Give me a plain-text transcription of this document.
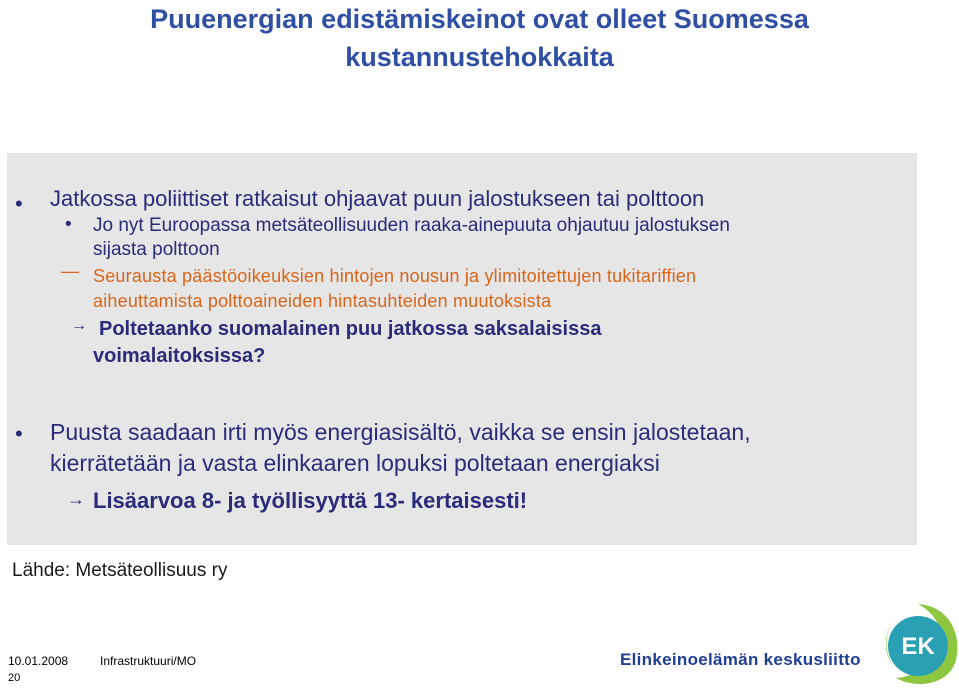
Puuenergian edistämiskeinot ovat olleet Suomessa
kustannustehokkaita
• Jatkossa poliittiset ratkaisut ohjaavat puun jalostukseen tai polttoon
• Jo nyt Euroopassa metsäteollisuuden raaka-ainepuuta ohjautuu jalostuksen
sijasta polttoon
— Seurausta päästöoikeuksien hintojen nousun ja ylimitoitettujen tukitariffien
aiheuttamista polttoaineiden hintasuhteiden muutoksista
→ Poltetaanko suomalainen puu jatkossa saksalaisissa
voimalaitoksissa?
• Puusta saadaan irti myös energiasisältö, vaikka se ensin jalostetaan,
kierrätetään ja vasta elinkaaren lopuksi poltetaan energiaksi
→ Lisäarvoa 8- ja työllisyyttä 13- kertaisesti!
Lähde: Metsäteollisuus ry
10.01.2008	Infrastruktuuri/MO
20
Elinkeinoelämän keskusliitto EK
